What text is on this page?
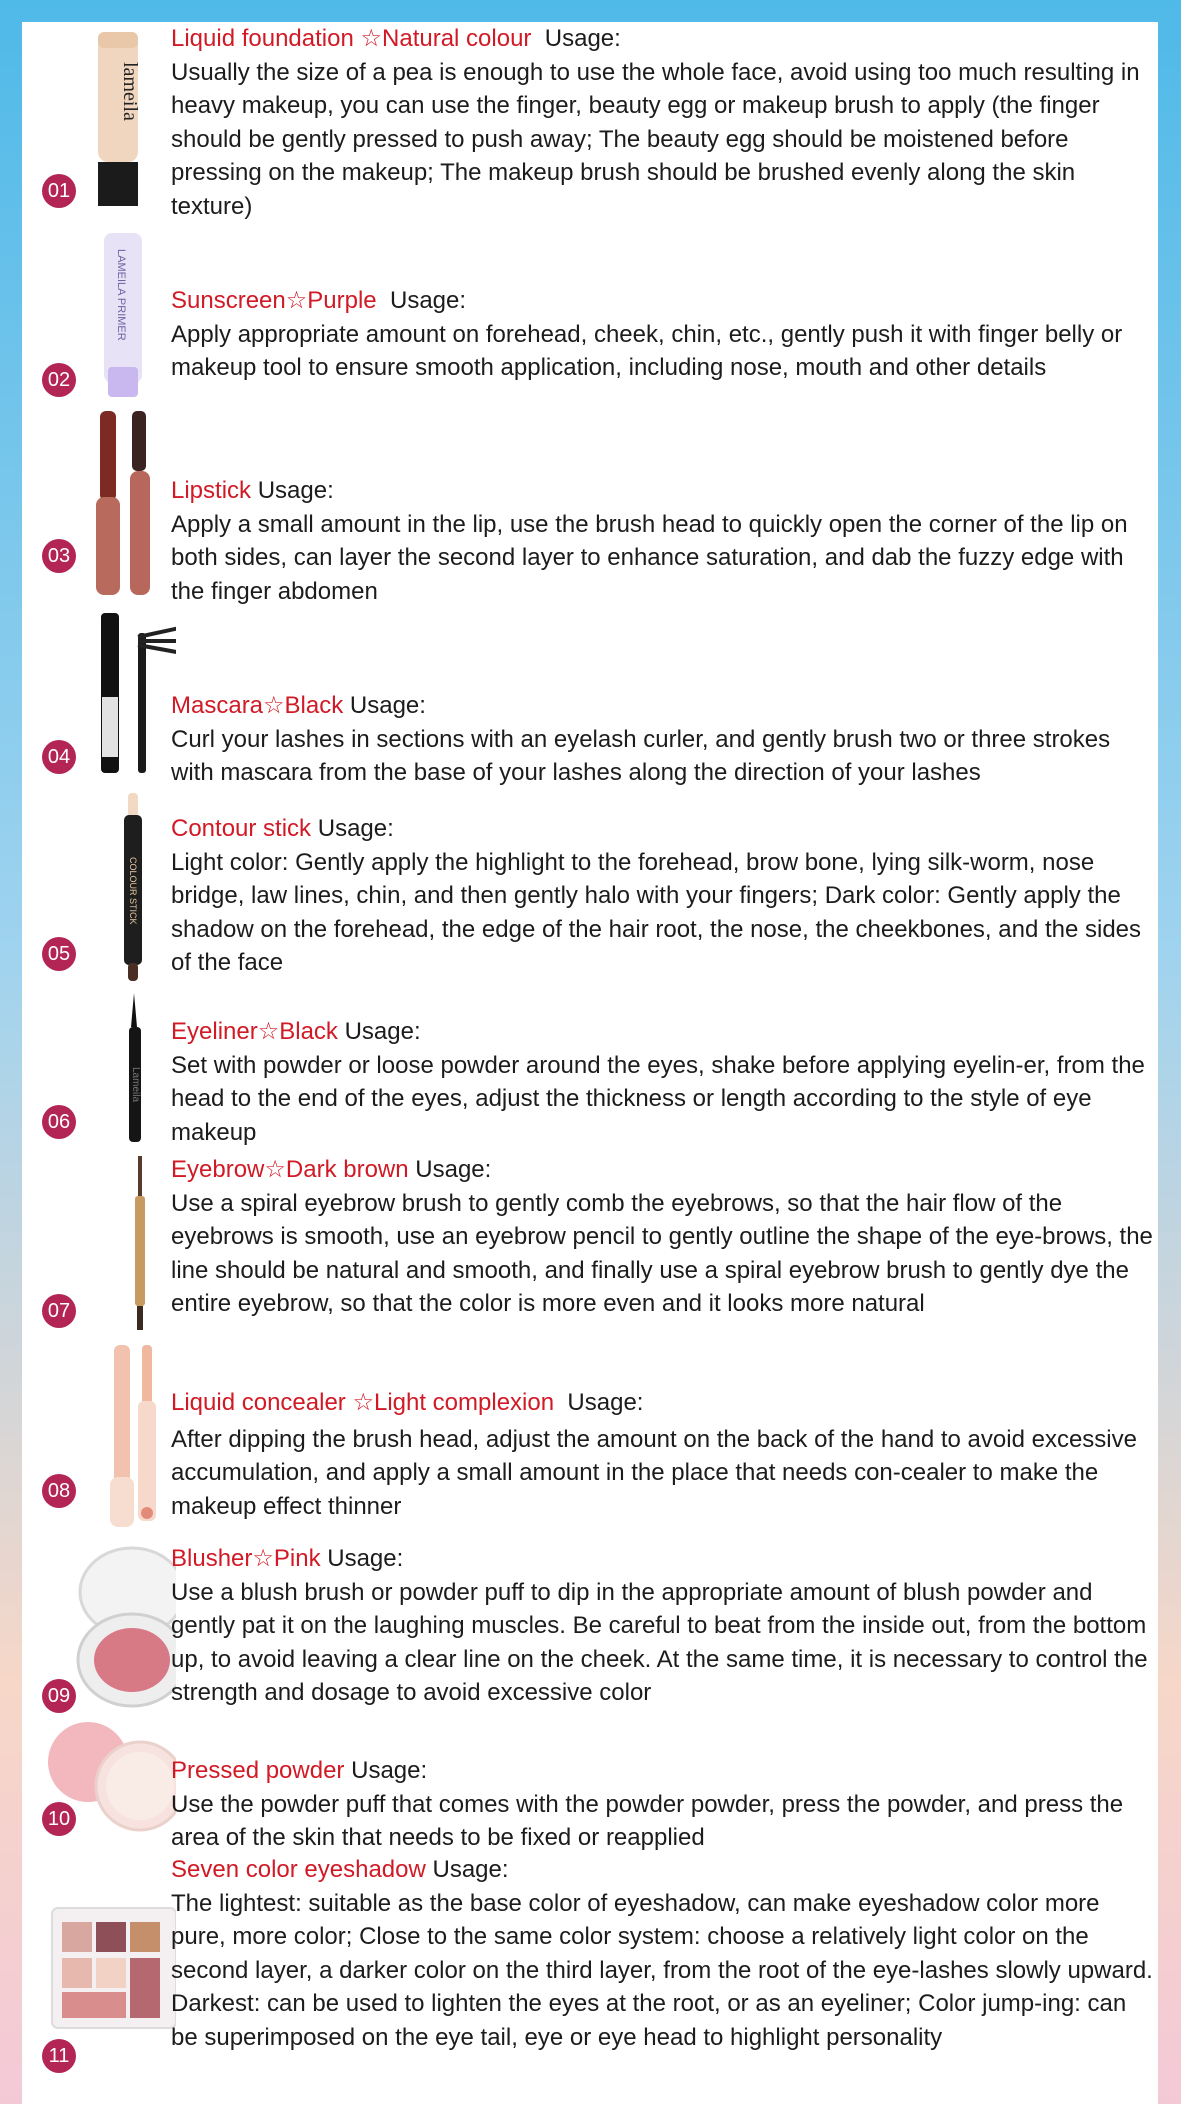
lameila
01
Liquid foundation ☆Natural colour Usage:

Usually the size of a pea is enough to use the whole face, avoid using too much resulting in heavy makeup, you can use the finger, beauty egg or makeup brush to apply (the finger should be gently pressed to push away; The beauty egg should be moistened before pressing on the makeup; The makeup brush should be brushed evenly along the skin texture)

LAMEILA PRIMER
02
Sunscreen☆Purple Usage:

Apply appropriate amount on forehead, cheek, chin, etc., gently push it with finger belly or makeup tool to ensure smooth application, including nose, mouth and other details

03
Lipstick Usage:

Apply a small amount in the lip, use the brush head to quickly open the corner of the lip on both sides, can layer the second layer to enhance saturation, and dab the fuzzy edge with the finger abdomen

04
Mascara☆Black Usage:

Curl your lashes in sections with an eyelash curler, and gently brush two or three strokes with mascara from the base of your lashes along the direction of your lashes

COLOUR STICK
05
Contour stick Usage:

Light color: Gently apply the highlight to the forehead, brow bone, lying silk-worm, nose bridge, law lines, chin, and then gently halo with your fingers; Dark color: Gently apply the shadow on the forehead, the edge of the hair root, the nose, the cheekbones, and the sides of the face

Lameila
06
Eyeliner☆Black Usage:

Set with powder or loose powder around the eyes, shake before applying eyelin-er, from the head to the end of the eyes, adjust the thickness or length according to the style of eye makeup

07
Eyebrow☆Dark brown Usage:

Use a spiral eyebrow brush to gently comb the eyebrows, so that the hair flow of the eyebrows is smooth, use an eyebrow pencil to gently outline the shape of the eye-brows, the line should be natural and smooth, and finally use a spiral eyebrow brush to gently dye the entire eyebrow, so that the color is more even and it looks more natural

08
Liquid concealer ☆Light complexion Usage:

After dipping the brush head, adjust the amount on the back of the hand to avoid excessive accumulation, and apply a small amount in the place that needs con-cealer to make the makeup effect thinner

09
Blusher☆Pink Usage:

Use a blush brush or powder puff to dip in the appropriate amount of blush powder and gently pat it on the laughing muscles. Be careful to beat from the inside out, from the bottom up, to avoid leaving a clear line on the cheek. At the same time, it is necessary to control the strength and dosage to avoid excessive color

10
Pressed powder Usage:

Use the powder puff that comes with the powder powder, press the powder, and press the area of the skin that needs to be fixed or reapplied

11
Seven color eyeshadow Usage:

The lightest: suitable as the base color of eyeshadow, can make eyeshadow color more pure, more color; Close to the same color system: choose a relatively light color on the second layer, a darker color on the third layer, from the root of the eye-lashes slowly upward.

Darkest: can be used to lighten the eyes at the root, or as an eyeliner; Color jump-ing: can be superimposed on the eye tail, eye or eye head to highlight personality
